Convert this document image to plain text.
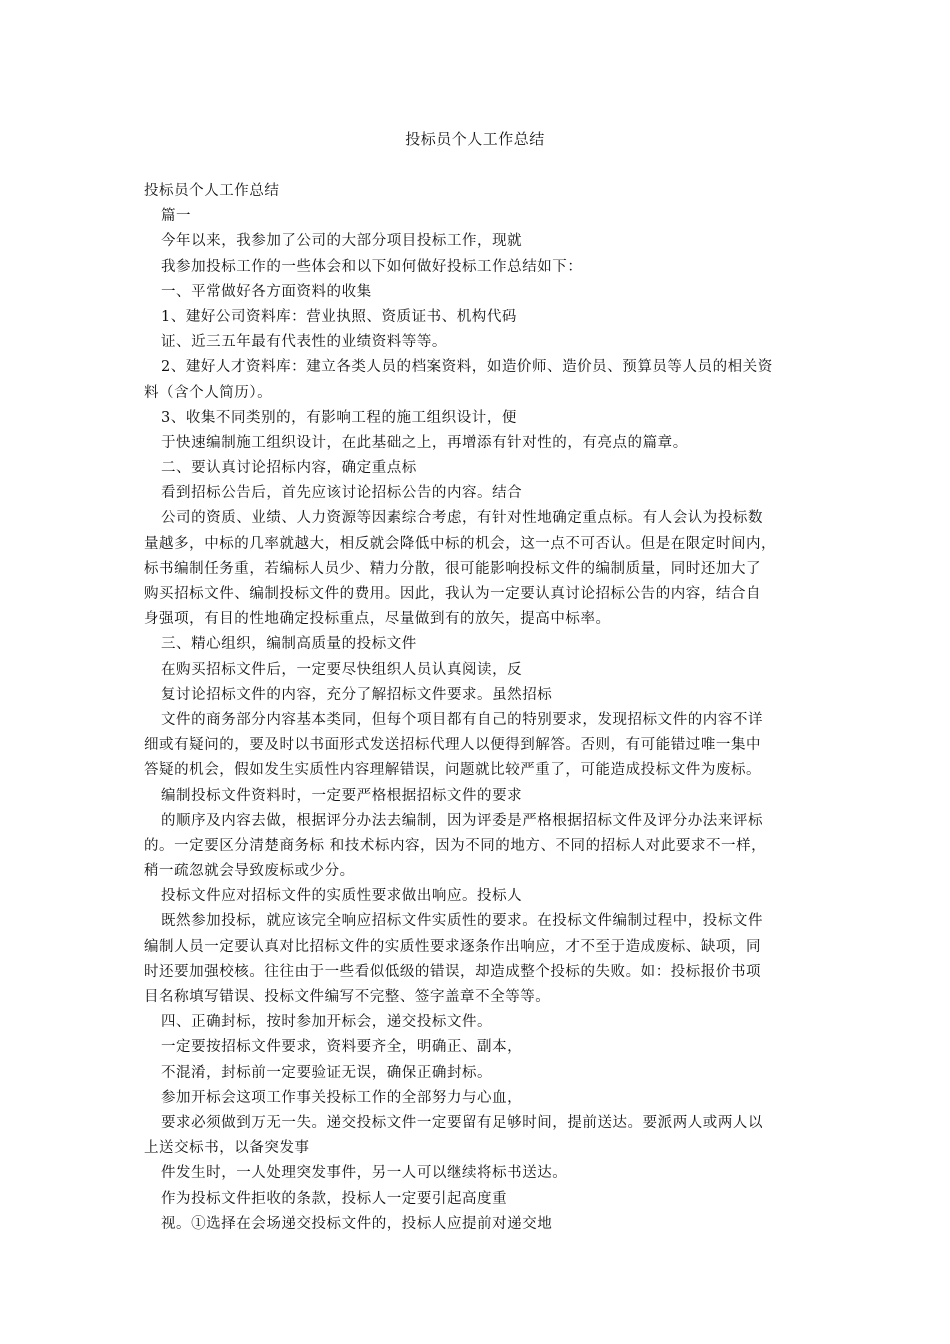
投标员个人工作总结
投标员个人工作总结
篇一
今年以来，我参加了公司的大部分项目投标工作，现就
我参加投标工作的一些体会和以下如何做好投标工作总结如下：
一、平常做好各方面资料的收集
1、建好公司资料库：营业执照、资质证书、机构代码
证、近三五年最有代表性的业绩资料等等。
2、建好人才资料库：建立各类人员的档案资料，如造价师、造价员、预算员等人员的相关资
料（含个人简历）。
3、收集不同类别的，有影响工程的施工组织设计，便
于快速编制施工组织设计，在此基础之上，再增添有针对性的，有亮点的篇章。
二、要认真讨论招标内容，确定重点标
看到招标公告后，首先应该讨论招标公告的内容。结合
公司的资质、业绩、人力资源等因素综合考虑，有针对性地确定重点标。有人会认为投标数
量越多，中标的几率就越大，相反就会降低中标的机会，这一点不可否认。但是在限定时间内，
标书编制任务重，若编标人员少、精力分散，很可能影响投标文件的编制质量，同时还加大了
购买招标文件、编制投标文件的费用。因此，我认为一定要认真讨论招标公告的内容，结合自
身强项，有目的性地确定投标重点，尽量做到有的放矢，提高中标率。
三、精心组织，编制高质量的投标文件
在购买招标文件后，一定要尽快组织人员认真阅读，反
复讨论招标文件的内容，充分了解招标文件要求。虽然招标
文件的商务部分内容基本类同，但每个项目都有自己的特别要求，发现招标文件的内容不详
细或有疑问的，要及时以书面形式发送招标代理人以便得到解答。否则，有可能错过唯一集中
答疑的机会，假如发生实质性内容理解错误，问题就比较严重了，可能造成投标文件为废标。
编制投标文件资料时，一定要严格根据招标文件的要求
的顺序及内容去做，根据评分办法去编制，因为评委是严格根据招标文件及评分办法来评标
的。一定要区分清楚商务标 和技术标内容，因为不同的地方、不同的招标人对此要求不一样，
稍一疏忽就会导致废标或少分。
投标文件应对招标文件的实质性要求做出响应。投标人
既然参加投标，就应该完全响应招标文件实质性的要求。在投标文件编制过程中，投标文件
编制人员一定要认真对比招标文件的实质性要求逐条作出响应，才不至于造成废标、缺项，同
时还要加强校核。往往由于一些看似低级的错误，却造成整个投标的失败。如：投标报价书项
目名称填写错误、投标文件编写不完整、签字盖章不全等等。
四、正确封标，按时参加开标会，递交投标文件。
一定要按招标文件要求，资料要齐全，明确正、副本，
不混淆，封标前一定要验证无误，确保正确封标。
参加开标会这项工作事关投标工作的全部努力与心血，
要求必须做到万无一失。递交投标文件一定要留有足够时间，提前送达。要派两人或两人以
上送交标书，以备突发事
件发生时，一人处理突发事件，另一人可以继续将标书送达。
作为投标文件拒收的条款，投标人一定要引起高度重
视。①选择在会场递交投标文件的，投标人应提前对递交地
